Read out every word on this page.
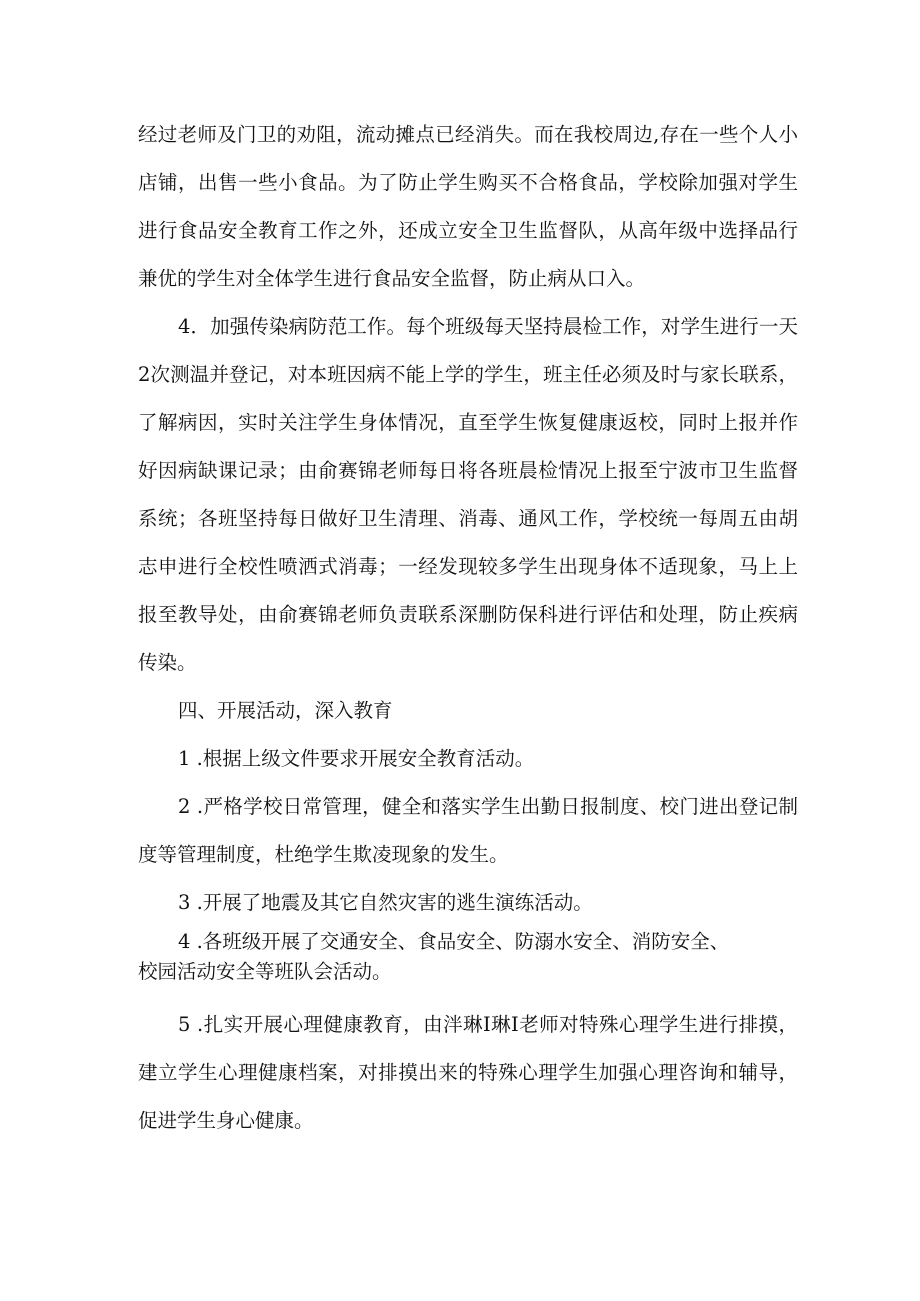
经过老师及门卫的劝阻，流动摊点已经消失。而在我校周边,存在一些个人小店铺，出售一些小食品。为了防止学生购买不合格食品，学校除加强对学生进行食品安全教育工作之外，还成立安全卫生监督队，从高年级中选择品行兼优的学生对全体学生进行食品安全监督，防止病从口入。

4．加强传染病防范工作。每个班级每天坚持晨检工作，对学生进行一天2次测温并登记，对本班因病不能上学的学生，班主任必须及时与家长联系，了解病因，实时关注学生身体情况，直至学生恢复健康返校，同时上报并作好因病缺课记录；由俞赛锦老师每日将各班晨检情况上报至宁波市卫生监督系统；各班坚持每日做好卫生清理、消毒、通风工作，学校统一每周五由胡志申进行全校性喷洒式消毒；一经发现较多学生出现身体不适现象，马上上报至教导处，由俞赛锦老师负责联系深删防保科进行评估和处理，防止疾病传染。

四、开展活动，深入教育

1 .根据上级文件要求开展安全教育活动。

2 .严格学校日常管理，健全和落实学生出勤日报制度、校门进出登记制度等管理制度，杜绝学生欺凌现象的发生。

3 .开展了地震及其它自然灾害的逃生演练活动。

4 .各班级开展了交通安全、食品安全、防溺水安全、消防安全、
校园活动安全等班队会活动。

5 .扎实开展心理健康教育，由泮琳I琳I老师对特殊心理学生进行排摸，建立学生心理健康档案，对排摸出来的特殊心理学生加强心理咨询和辅导，促进学生身心健康。
